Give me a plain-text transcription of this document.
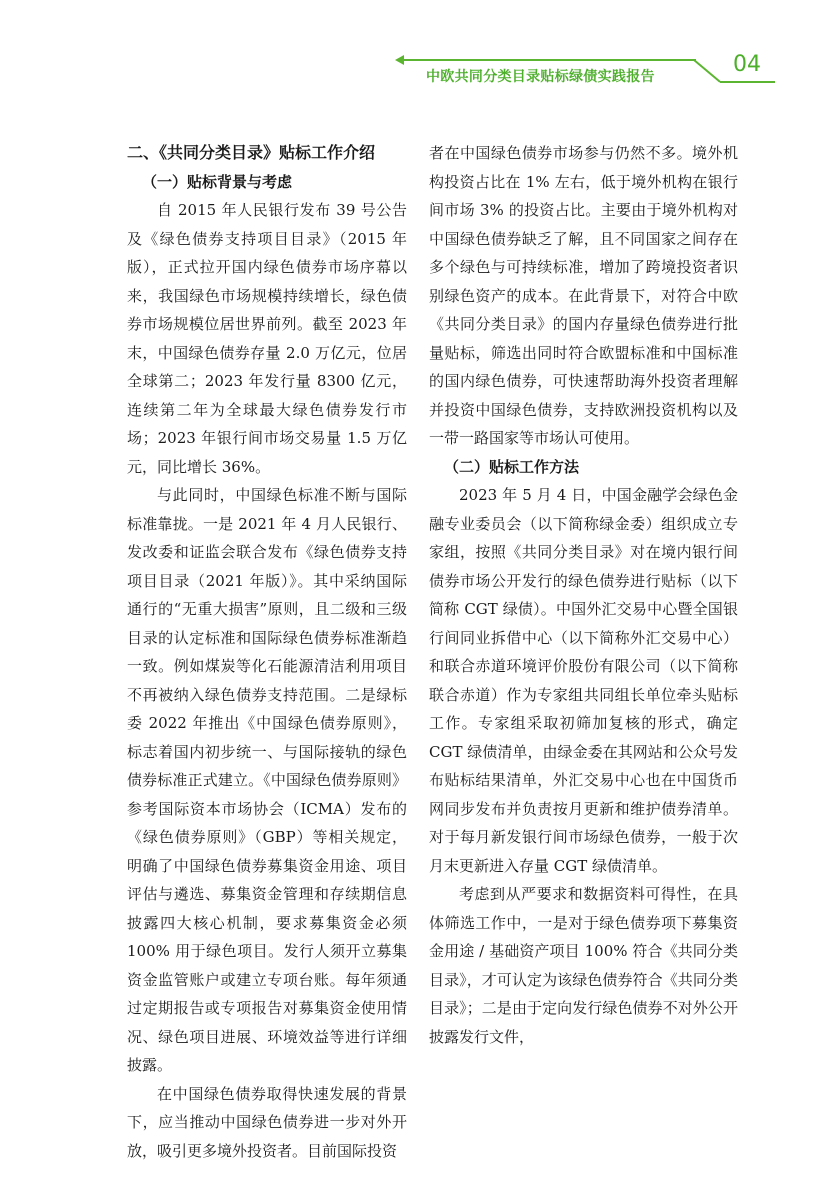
中欧共同分类目录贴标绿债实践报告	04
二、《共同分类目录》贴标工作介绍
（一）贴标背景与考虑

自 2015 年人民银行发布 39 号公告及《绿色债券支持项目目录》（2015 年版），正式拉开国内绿色债券市场序幕以来，我国绿色市场规模持续增长，绿色债券市场规模位居世界前列。截至 2023 年末，中国绿色债券存量 2.0 万亿元，位居全球第二；2023 年发行量 8300 亿元，连续第二年为全球最大绿色债券发行市场；2023 年银行间市场交易量 1.5 万亿元，同比增长 36%。

与此同时，中国绿色标准不断与国际标准靠拢。一是 2021 年 4 月人民银行、发改委和证监会联合发布《绿色债券支持项目目录（2021 年版）》。其中采纳国际通行的“无重大损害”原则，且二级和三级目录的认定标准和国际绿色债券标准渐趋一致。例如煤炭等化石能源清洁利用项目不再被纳入绿色债券支持范围。二是绿标委 2022 年推出《中国绿色债券原则》，标志着国内初步统一、与国际接轨的绿色债券标准正式建立。《中国绿色债券原则》参考国际资本市场协会（ICMA）发布的《绿色债券原则》（GBP）等相关规定，明确了中国绿色债券募集资金用途、项目评估与遴选、募集资金管理和存续期信息披露四大核心机制，要求募集资金必须 100% 用于绿色项目。发行人须开立募集资金监管账户或建立专项台账。每年须通过定期报告或专项报告对募集资金使用情况、绿色项目进展、环境效益等进行详细披露。

在中国绿色债券取得快速发展的背景下，应当推动中国绿色债券进一步对外开放，吸引更多境外投资者。目前国际投资

者在中国绿色债券市场参与仍然不多。境外机构投资占比在 1% 左右，低于境外机构在银行间市场 3% 的投资占比。主要由于境外机构对中国绿色债券缺乏了解，且不同国家之间存在多个绿色与可持续标准，增加了跨境投资者识别绿色资产的成本。在此背景下，对符合中欧《共同分类目录》的国内存量绿色债券进行批量贴标，筛选出同时符合欧盟标准和中国标准的国内绿色债券，可快速帮助海外投资者理解并投资中国绿色债券，支持欧洲投资机构以及一带一路国家等市场认可使用。

（二）贴标工作方法

2023 年 5 月 4 日，中国金融学会绿色金融专业委员会（以下简称绿金委）组织成立专家组，按照《共同分类目录》对在境内银行间债券市场公开发行的绿色债券进行贴标（以下简称 CGT 绿债）。中国外汇交易中心暨全国银行间同业拆借中心（以下简称外汇交易中心）和联合赤道环境评价股份有限公司（以下简称联合赤道）作为专家组共同组长单位牵头贴标工作。专家组采取初筛加复核的形式，确定 CGT 绿债清单，由绿金委在其网站和公众号发布贴标结果清单，外汇交易中心也在中国货币网同步发布并负责按月更新和维护债券清单。对于每月新发银行间市场绿色债券，一般于次月末更新进入存量 CGT 绿债清单。

考虑到从严要求和数据资料可得性，在具体筛选工作中，一是对于绿色债券项下募集资金用途 / 基础资产项目 100% 符合《共同分类目录》，才可认定为该绿色债券符合《共同分类目录》；二是由于定向发行绿色债券不对外公开披露发行文件，
